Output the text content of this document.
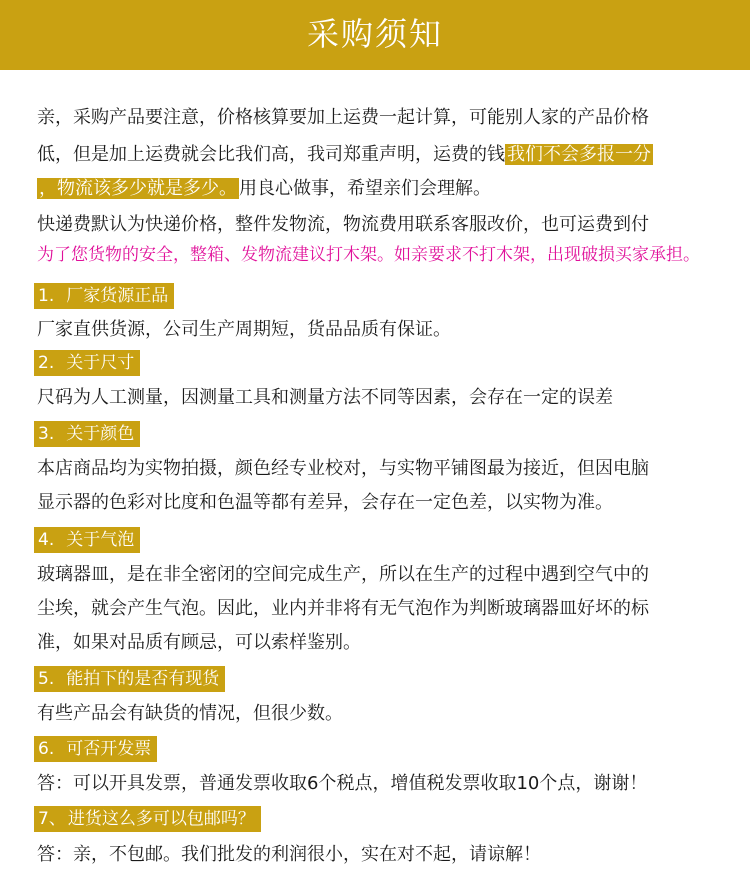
采购须知
亲，采购产品要注意，价格核算要加上运费一起计算，可能别人家的产品价格
低，但是加上运费就会比我们高，我司郑重声明，运费的钱 我们不会多报一分
，物流该多少就是多少。 用良心做事，希望亲们会理解。
快递费默认为快递价格，整件发物流，物流费用联系客服改价，也可运费到付
为了您货物的安全，整箱、发物流建议打木架。如亲要求不打木架，出现破损买家承担。
1. 厂家货源正品
厂家直供货源，公司生产周期短，货品品质有保证。
2. 关于尺寸
尺码为人工测量，因测量工具和测量方法不同等因素，会存在一定的误差
3. 关于颜色
本店商品均为实物拍摄，颜色经专业校对，与实物平铺图最为接近，但因电脑
显示器的色彩对比度和色温等都有差异，会存在一定色差，以实物为准。
4. 关于气泡
玻璃器皿，是在非全密闭的空间完成生产，所以在生产的过程中遇到空气中的
尘埃，就会产生气泡。因此，业内并非将有无气泡作为判断玻璃器皿好坏的标
准，如果对品质有顾忌，可以索样鉴别。
5. 能拍下的是否有现货
有些产品会有缺货的情况，但很少数。
6. 可否开发票
答：可以开具发票，普通发票收取6个税点，增值税发票收取10个点，谢谢！
7、 进货这么多可以包邮吗？
答：亲，不包邮。我们批发的利润很小，实在对不起，请谅解！
